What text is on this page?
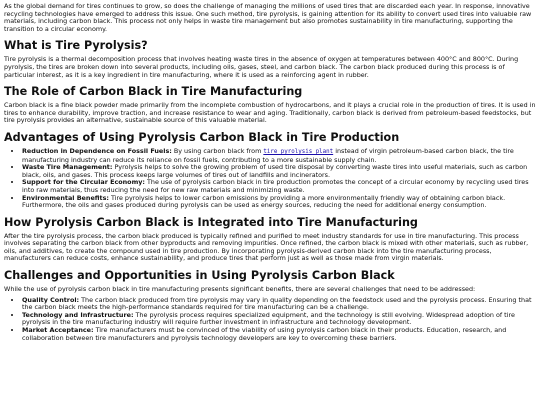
As the global demand for tires continues to grow, so does the challenge of managing the millions of used tires that are discarded each year. In response, innovative recycling technologies have emerged to address this issue. One such method, tire pyrolysis, is gaining attention for its ability to convert used tires into valuable raw materials, including carbon black. This process not only helps in waste tire management but also promotes sustainability in tire manufacturing, supporting the transition to a circular economy.

What is Tire Pyrolysis?

Tire pyrolysis is a thermal decomposition process that involves heating waste tires in the absence of oxygen at temperatures between 400°C and 800°C. During pyrolysis, the tires are broken down into several products, including oils, gases, steel, and carbon black. The carbon black produced during this process is of particular interest, as it is a key ingredient in tire manufacturing, where it is used as a reinforcing agent in rubber.

The Role of Carbon Black in Tire Manufacturing

Carbon black is a fine black powder made primarily from the incomplete combustion of hydrocarbons, and it plays a crucial role in the production of tires. It is used in tires to enhance durability, improve traction, and increase resistance to wear and aging. Traditionally, carbon black is derived from petroleum-based feedstocks, but tire pyrolysis provides an alternative, sustainable source of this valuable material.

Advantages of Using Pyrolysis Carbon Black in Tire Production
• Reduction in Dependence on Fossil Fuels: By using carbon black from tire pyrolysis plant instead of virgin petroleum-based carbon black, the tire manufacturing industry can reduce its reliance on fossil fuels, contributing to a more sustainable supply chain.
• Waste Tire Management: Pyrolysis helps to solve the growing problem of used tire disposal by converting waste tires into useful materials, such as carbon black, oils, and gases. This process keeps large volumes of tires out of landfills and incinerators.
• Support for the Circular Economy: The use of pyrolysis carbon black in tire production promotes the concept of a circular economy by recycling used tires into raw materials, thus reducing the need for new raw materials and minimizing waste.
• Environmental Benefits: Tire pyrolysis helps to lower carbon emissions by providing a more environmentally friendly way of obtaining carbon black. Furthermore, the oils and gases produced during pyrolysis can be used as energy sources, reducing the need for additional energy consumption.
How Pyrolysis Carbon Black is Integrated into Tire Manufacturing

After the tire pyrolysis process, the carbon black produced is typically refined and purified to meet industry standards for use in tire manufacturing. This process involves separating the carbon black from other byproducts and removing impurities. Once refined, the carbon black is mixed with other materials, such as rubber, oils, and additives, to create the compound used in tire production. By incorporating pyrolysis-derived carbon black into the tire manufacturing process, manufacturers can reduce costs, enhance sustainability, and produce tires that perform just as well as those made from virgin materials.

Challenges and Opportunities in Using Pyrolysis Carbon Black

While the use of pyrolysis carbon black in tire manufacturing presents significant benefits, there are several challenges that need to be addressed:

• Quality Control: The carbon black produced from tire pyrolysis may vary in quality depending on the feedstock used and the pyrolysis process. Ensuring that the carbon black meets the high-performance standards required for tire manufacturing can be a challenge.
• Technology and Infrastructure: The pyrolysis process requires specialized equipment, and the technology is still evolving. Widespread adoption of tire pyrolysis in the tire manufacturing industry will require further investment in infrastructure and technology development.
• Market Acceptance: Tire manufacturers must be convinced of the viability of using pyrolysis carbon black in their products. Education, research, and collaboration between tire manufacturers and pyrolysis technology developers are key to overcoming these barriers.
